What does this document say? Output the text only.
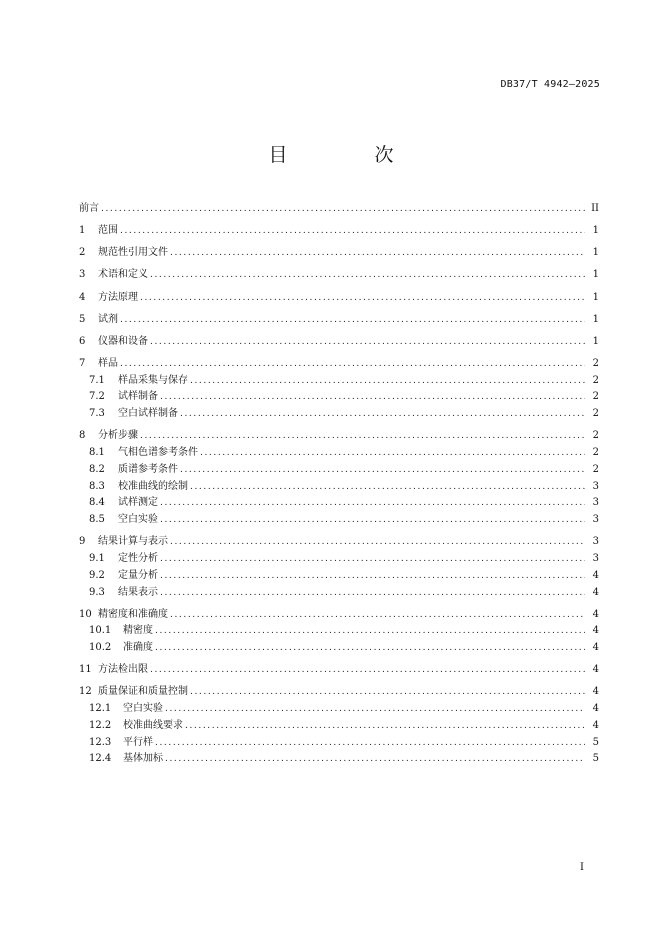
DB37/T 4942—2025
目　次
前言 .....	II
1	范围 .....	1
2	规范性引用文件 .....	1
3	术语和定义 .....	1
4	方法原理 .....	1
5	试剂 .....	1
6	仪器和设备 .....	1
7	样品 .....	2
7.1	样品采集与保存 .....	2
7.2	试样制备 .....	2
7.3	空白试样制备 .....	2
8	分析步骤 .....	2
8.1	气相色谱参考条件 .....	2
8.2	质谱参考条件 .....	2
8.3	校准曲线的绘制 .....	3
8.4	试样测定 .....	3
8.5	空白实验 .....	3
9	结果计算与表示 .....	3
9.1	定性分析 .....	3
9.2	定量分析 .....	4
9.3	结果表示 .....	4
10 精密度和准确度 .....	4
10.1	精密度 .....	4
10.2	准确度 .....	4
11 方法检出限 .....	4
12 质量保证和质量控制 .....	4
12.1	空白实验 .....	4
12.2	校准曲线要求 .....	4
12.3	平行样 .....	5
12.4	基体加标 .....	5
I
